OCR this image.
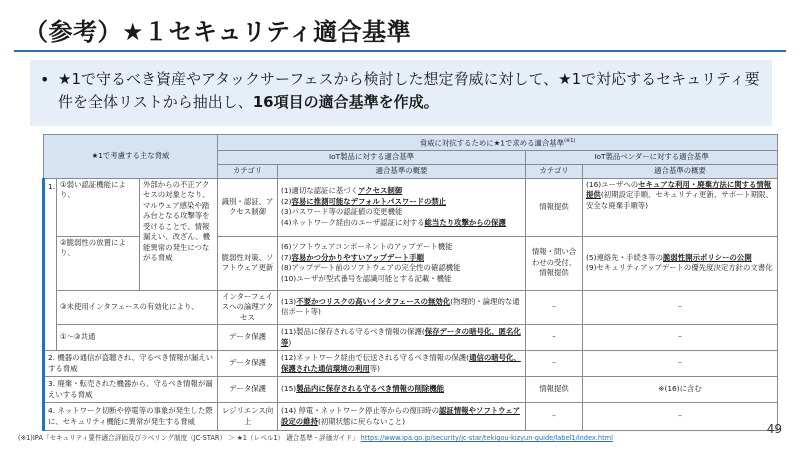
（参考）★１セキュリティ適合基準
• ★1で守るべき資産やアタックサーフェスから検討した想定脅威に対して、★1で対応するセキュリティ要件を全体リストから抽出し、16項目の適合基準を作成。
★1で考慮する主な脅威			脅威に対抗するために★1で求める適合基準$^{(※1)}$
			IoT製品に対する適合基準		IoT製品ベンダーに対する適合基準	
			カテゴリ	適合基準の概要	カテゴリ	適合基準の概要
1.	①弱い認証機能により、	外部からの不正アクセスの対象となり、マルウェア感染や踏み台となる攻撃等を受けることで、情報漏えい、改ざん、機能異常の発生につながる脅威	識別・認証、アクセス制御	(1)適切な認証に基づくアクセス制御
(2)容易に推測可能なデフォルトパスワードの禁止
(3)パスワード等の認証値の変更機能
(4)ネットワーク経由のユーザ認証に対する総当たり攻撃からの保護	情報提供	(16)ユーザへのセキュアな利用・廃棄方法に関する情報提供(初期設定手順、セキュリティ更新、サポート期限、安全な廃棄手順等)
	②脆弱性の放置により、		脆弱性対策、ソフトウェア更新	(6)ソフトウェアコンポーネントのアップデート機能
(7)容易かつ分かりやすいアップデート手順
(8)アップデート前のソフトウェアの完全性の確認機能
(10)ユーザが型式番号を認識可能とする記載・機能	情報・問い合わせの受付、情報提供	(5)連絡先・手続き等の脆弱性開示ポリシーの公開
(9)セキュリティアップデートの優先度決定方針の文書化

	③未使用インタフェースの有効化により、		インターフェイスへの論理アクセス	(13)不要かつリスクの高いインタフェースの無効化(物理的・論理的な通信ポート等)	–	–
	①～③共通		データ保護	(11)製品に保存される守るべき情報の保護(保存データの暗号化、匿名化等)	–	–
2. 機器の通信が盗聴され、守るべき情報が漏えいする脅威			データ保護	(12)ネットワーク経由で伝送される守るべき情報の保護(通信の暗号化、保護された通信環境の利用等)	–	–
3. 廃棄・転売された機器から、守るべき情報が漏えいする脅威			データ保護	(15)製品内に保存される守るべき情報の削除機能	情報提供	※(16)に含む
4. ネットワーク切断や停電等の事象が発生した際に、セキュリティ機能に異常が発生する脅威			レジリエンス向上	(14) 停電・ネットワーク停止等からの復旧時の認証情報やソフトウェア設定の維持(初期状態に戻らないこと)	–	–
(※1)IPA「セキュリティ要件適合評価及びラベリング制度（JC-STAR） ＞ ★1（レベル1） 適合基準・評価ガイド」 https://www.ipa.go.jp/security/jc-star/tekigou-kizyun-guide/label1/index.html
49
